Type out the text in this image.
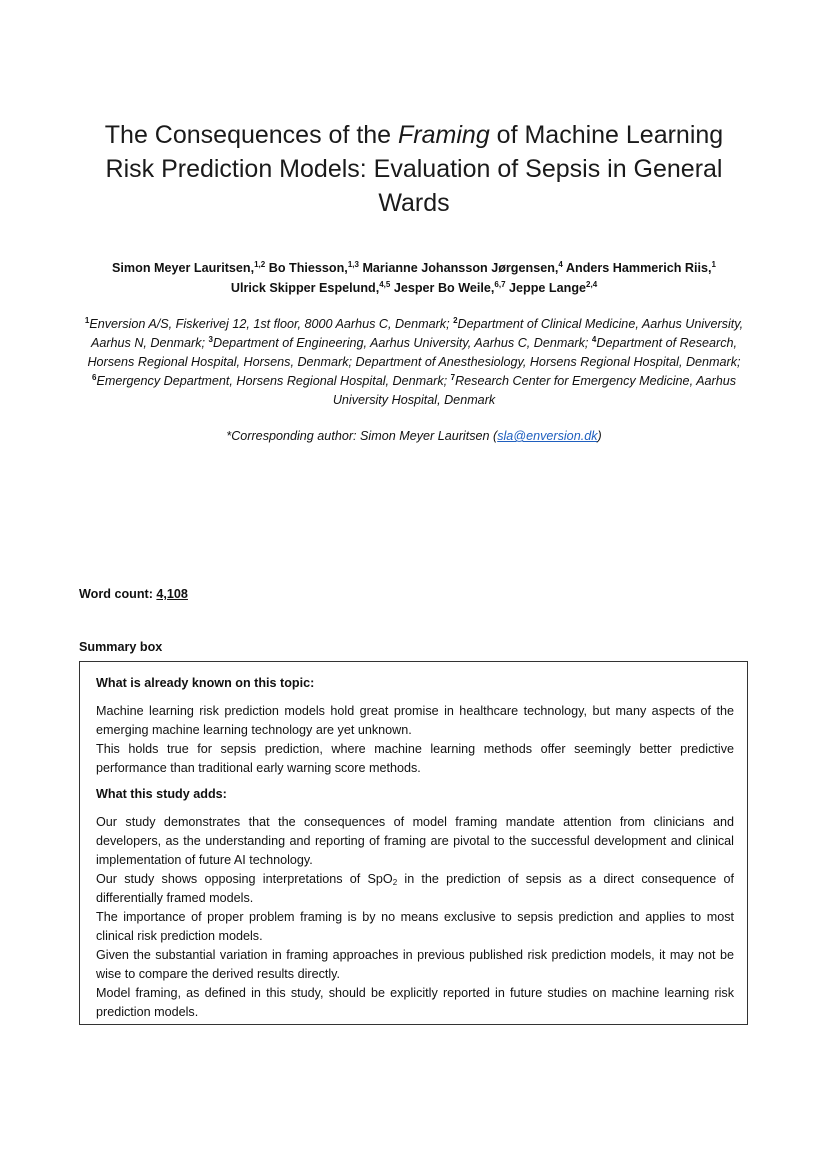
The Consequences of the Framing of Machine Learning Risk Prediction Models: Evaluation of Sepsis in General Wards
Simon Meyer Lauritsen,$^{1,2}$ Bo Thiesson,$^{1,3}$ Marianne Johansson Jørgensen,$^4$ Anders Hammerich Riis,$^1$
Ulrick Skipper Espelund,$^{4,5}$ Jesper Bo Weile,$^{6,7}$ Jeppe Lange$^{2,4}$
$^1$Enversion A/S, Fiskerivej 12, 1st floor, 8000 Aarhus C, Denmark; $^2$Department of Clinical Medicine, Aarhus University, Aarhus N, Denmark; $^3$Department of Engineering, Aarhus University, Aarhus C, Denmark; $^4$Department of Research, Horsens Regional Hospital, Horsens, Denmark; Department of Anesthesiology, Horsens Regional Hospital, Denmark; $^6$Emergency Department, Horsens Regional Hospital, Denmark; $^7$Research Center for Emergency Medicine, Aarhus University Hospital, Denmark
*Corresponding author: Simon Meyer Lauritsen (sla@enversion.dk)
Word count: 4,108
Summary box
What is already known on this topic:

Machine learning risk prediction models hold great promise in healthcare technology, but many aspects of the emerging machine learning technology are yet unknown.

This holds true for sepsis prediction, where machine learning methods offer seemingly better predictive performance than traditional early warning score methods.

What this study adds:

Our study demonstrates that the consequences of model framing mandate attention from clinicians and developers, as the understanding and reporting of framing are pivotal to the successful development and clinical implementation of future AI technology.

Our study shows opposing interpretations of SpO$_2$ in the prediction of sepsis as a direct consequence of differentially framed models.

The importance of proper problem framing is by no means exclusive to sepsis prediction and applies to most clinical risk prediction models.

Given the substantial variation in framing approaches in previous published risk prediction models, it may not be wise to compare the derived results directly.

Model framing, as defined in this study, should be explicitly reported in future studies on machine learning risk prediction models.
